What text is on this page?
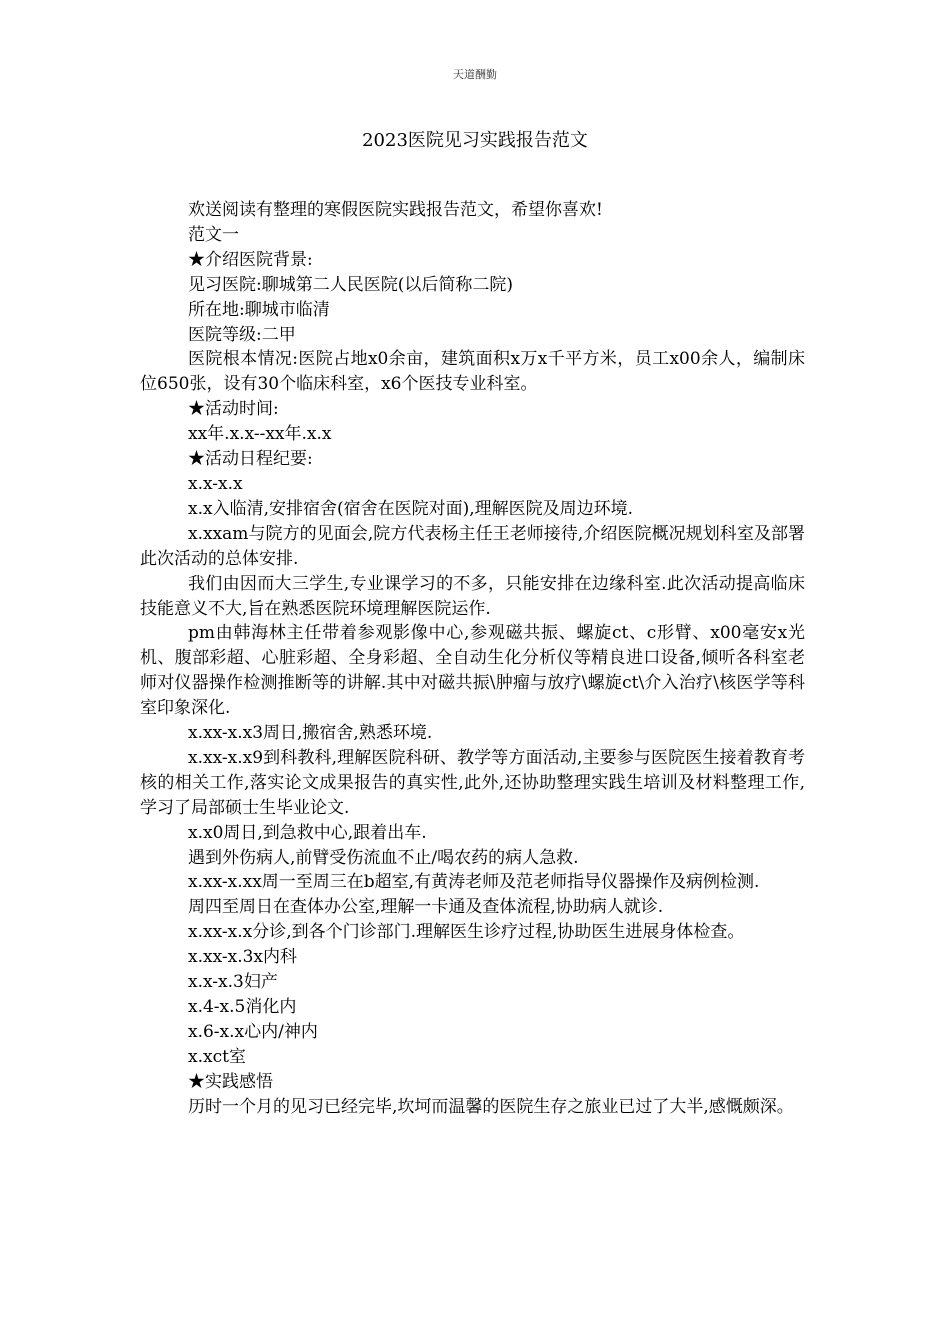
天道酬勤
2023医院见习实践报告范文

欢送阅读有整理的寒假医院实践报告范文，希望你喜欢!

范文一

★介绍医院背景:

见习医院:聊城第二人民医院(以后简称二院)

所在地:聊城市临清

医院等级:二甲

医院根本情况:医院占地x0余亩，建筑面积x万x千平方米，员工x00余人，编制床位650张，设有30个临床科室，x6个医技专业科室。

★活动时间:

xx年.x.x--xx年.x.x

★活动日程纪要:

x.x-x.x

x.x入临清,安排宿舍(宿舍在医院对面),理解医院及周边环境.

x.xxam与院方的见面会,院方代表杨主任王老师接待,介绍医院概况规划科室及部署此次活动的总体安排.

我们由因而大三学生,专业课学习的不多，只能安排在边缘科室.此次活动提高临床技能意义不大,旨在熟悉医院环境理解医院运作.

pm由韩海林主任带着参观影像中心,参观磁共振、螺旋ct、c形臂、x00毫安x光机、腹部彩超、心脏彩超、全身彩超、全自动生化分析仪等精良进口设备,倾听各科室老师对仪器操作检测推断等的讲解.其中对磁共振\肿瘤与放疗\螺旋ct\介入治疗\核医学等科室印象深化.

x.xx-x.x3周日,搬宿舍,熟悉环境.

x.xx-x.x9到科教科,理解医院科研、教学等方面活动,主要参与医院医生接着教育考核的相关工作,落实论文成果报告的真实性,此外,还协助整理实践生培训及材料整理工作,学习了局部硕士生毕业论文.

x.x0周日,到急救中心,跟着出车.

遇到外伤病人,前臂受伤流血不止/喝农药的病人急救.

x.xx-x.xx周一至周三在b超室,有黄涛老师及范老师指导仪器操作及病例检测.

周四至周日在查体办公室,理解一卡通及查体流程,协助病人就诊.

x.xx-x.x分诊,到各个门诊部门.理解医生诊疗过程,协助医生进展身体检查。

x.xx-x.3x内科

x.x-x.3妇产

x.4-x.5消化内

x.6-x.x心内/神内

x.xct室

★实践感悟

历时一个月的见习已经完毕,坎坷而温馨的医院生存之旅业已过了大半,感慨颇深。
